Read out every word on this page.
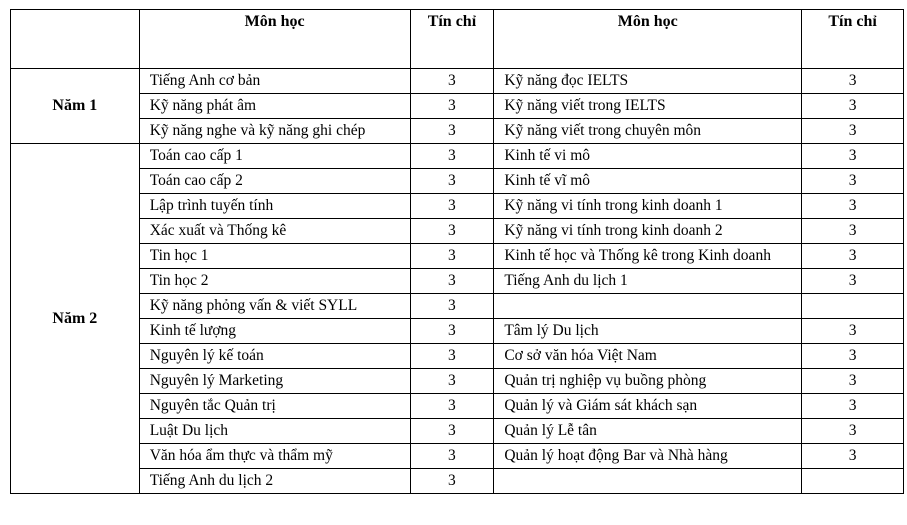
	Môn học	Tín chỉ	Môn học	Tín chỉ
Năm 1	Tiếng Anh cơ bản	3	Kỹ năng đọc IELTS	3
	Kỹ năng phát âm	3	Kỹ năng viết trong IELTS	3
	Kỹ năng nghe và kỹ năng ghi chép	3	Kỹ năng viết trong chuyên môn	3
Năm 2	Toán cao cấp 1	3	Kinh tế vi mô	3
	Toán cao cấp 2	3	Kinh tế vĩ mô	3
	Lập trình tuyến tính	3	Kỹ năng vi tính trong kinh doanh 1	3
	Xác xuất và Thống kê	3	Kỹ năng vi tính trong kinh doanh 2	3
	Tin học 1	3	Kinh tế học và Thống kê trong Kinh doanh	3
	Tin học 2	3	Tiếng Anh du lịch 1	3
	Kỹ năng phỏng vấn & viết SYLL	3		
	Kinh tế lượng	3	Tâm lý Du lịch	3
	Nguyên lý kế toán	3	Cơ sở văn hóa Việt Nam	3
	Nguyên lý Marketing	3	Quản trị nghiệp vụ buồng phòng	3
	Nguyên tắc Quản trị	3	Quản lý và Giám sát khách sạn	3
	Luật Du lịch	3	Quản lý Lễ tân	3
	Văn hóa ẩm thực và thẩm mỹ	3	Quản lý hoạt động Bar và Nhà hàng	3
	Tiếng Anh du lịch 2	3		
